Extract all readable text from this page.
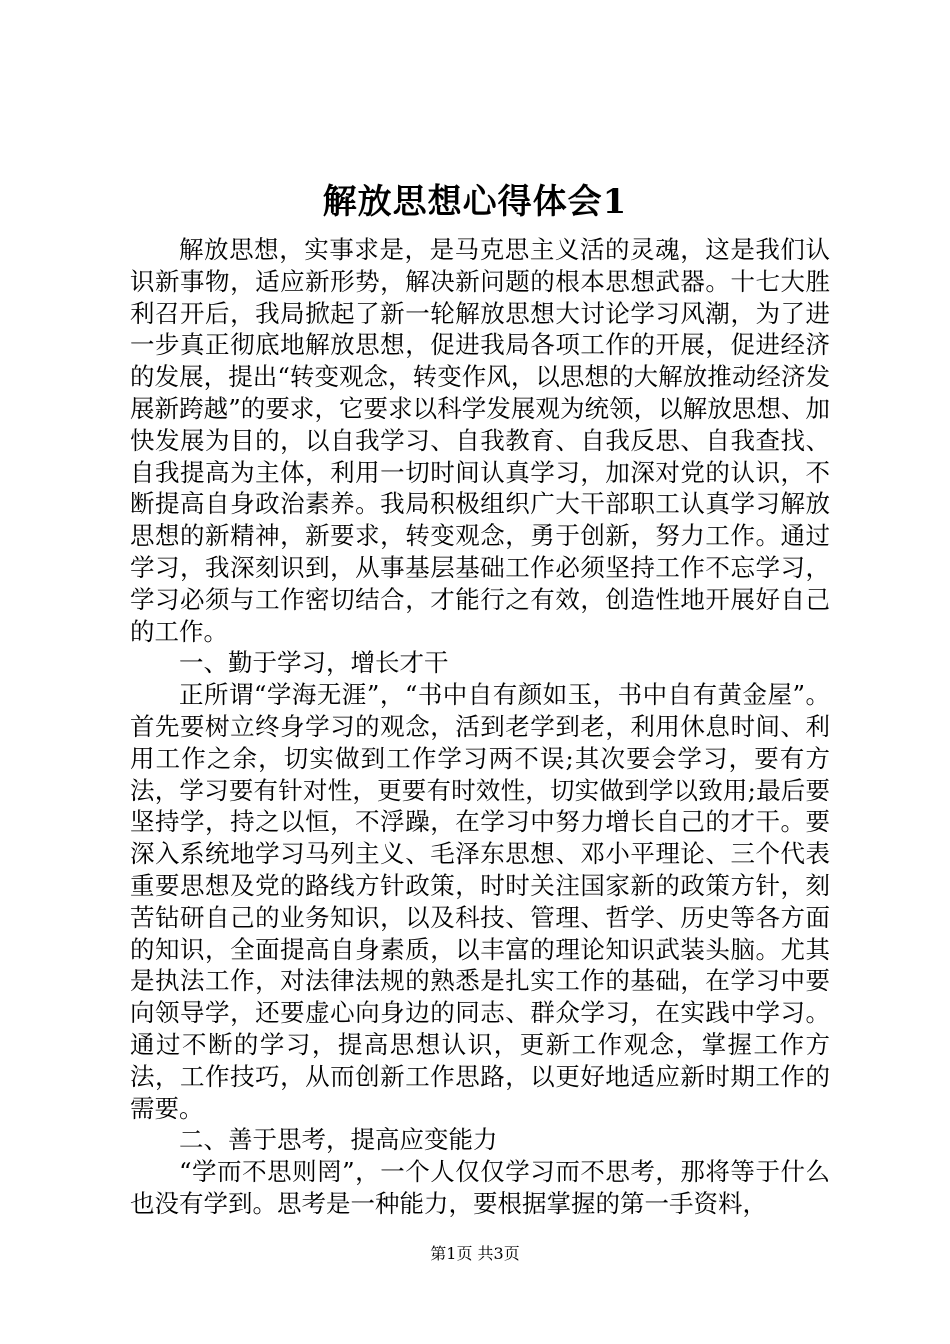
解放思想心得体会1

解放思想，实事求是，是马克思主义活的灵魂，这是我们认识新事物，适应新形势，解决新问题的根本思想武器。十七大胜利召开后，我局掀起了新一轮解放思想大讨论学习风潮，为了进一步真正彻底地解放思想，促进我局各项工作的开展，促进经济的发展，提出“转变观念，转变作风，以思想的大解放推动经济发展新跨越”的要求，它要求以科学发展观为统领，以解放思想、加快发展为目的，以自我学习、自我教育、自我反思、自我查找、自我提高为主体，利用一切时间认真学习，加深对党的认识，不断提高自身政治素养。我局积极组织广大干部职工认真学习解放思想的新精神，新要求，转变观念，勇于创新，努力工作。通过学习，我深刻识到，从事基层基础工作必须坚持工作不忘学习，学习必须与工作密切结合，才能行之有效，创造性地开展好自己的工作。

一、勤于学习，增长才干

正所谓“学海无涯”，“书中自有颜如玉，书中自有黄金屋”。首先要树立终身学习的观念，活到老学到老，利用休息时间、利用工作之余，切实做到工作学习两不误;其次要会学习，要有方法，学习要有针对性，更要有时效性，切实做到学以致用;最后要坚持学，持之以恒，不浮躁，在学习中努力增长自己的才干。要深入系统地学习马列主义、毛泽东思想、邓小平理论、三个代表重要思想及党的路线方针政策，时时关注国家新的政策方针，刻苦钻研自己的业务知识，以及科技、管理、哲学、历史等各方面的知识，全面提高自身素质，以丰富的理论知识武装头脑。尤其是执法工作，对法律法规的熟悉是扎实工作的基础，在学习中要向领导学，还要虚心向身边的同志、群众学习，在实践中学习。通过不断的学习，提高思想认识，更新工作观念，掌握工作方法，工作技巧，从而创新工作思路，以更好地适应新时期工作的需要。

二、善于思考，提高应变能力

“学而不思则罔”，一个人仅仅学习而不思考，那将等于什么也没有学到。思考是一种能力，要根据掌握的第一手资料，

第1页 共3页
